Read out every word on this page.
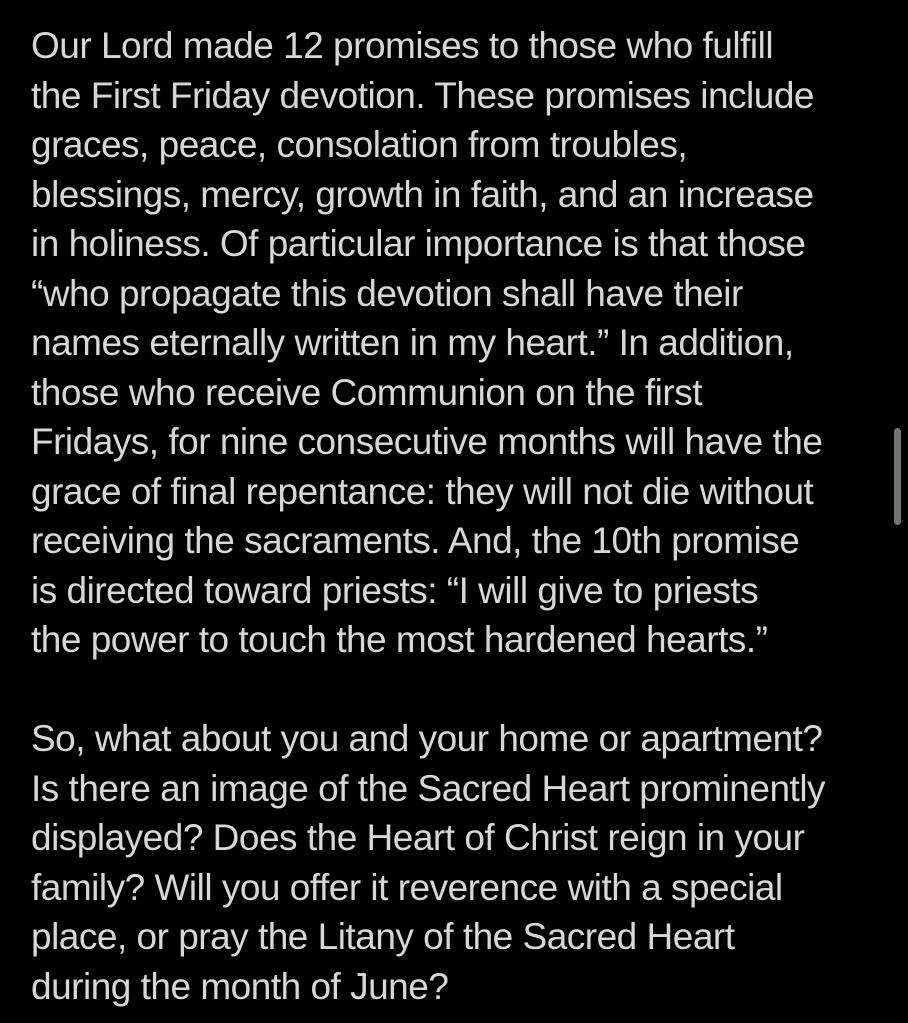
Our Lord made 12 promises to those who fulfill
the First Friday devotion. These promises include
graces, peace, consolation from troubles,
blessings, mercy, growth in faith, and an increase
in holiness. Of particular importance is that those
“who propagate this devotion shall have their
names eternally written in my heart.” In addition,
those who receive Communion on the first
Fridays, for nine consecutive months will have the
grace of final repentance: they will not die without
receiving the sacraments. And, the 10th promise
is directed toward priests: “I will give to priests
the power to touch the most hardened hearts.”
So, what about you and your home or apartment?
Is there an image of the Sacred Heart prominently
displayed? Does the Heart of Christ reign in your
family? Will you offer it reverence with a special
place, or pray the Litany of the Sacred Heart
during the month of June?
